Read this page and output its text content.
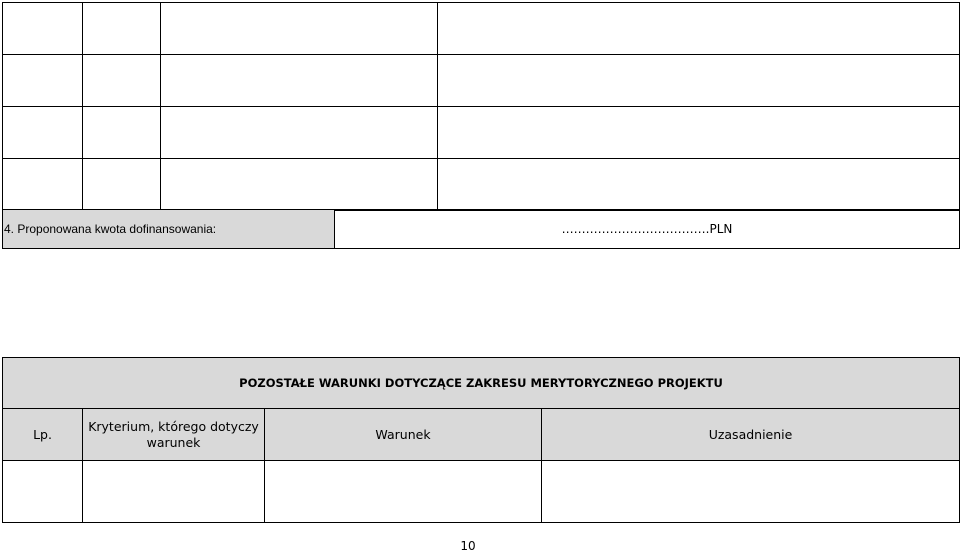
4. Proponowana kwota dofinansowania:	……………………………….PLN
POZOSTAŁE WARUNKI DOTYCZĄCE ZAKRESU MERYTORYCZNEGO PROJEKTU			
Lp.	Kryterium, którego dotyczy warunek	Warunek	Uzasadnienie

10
